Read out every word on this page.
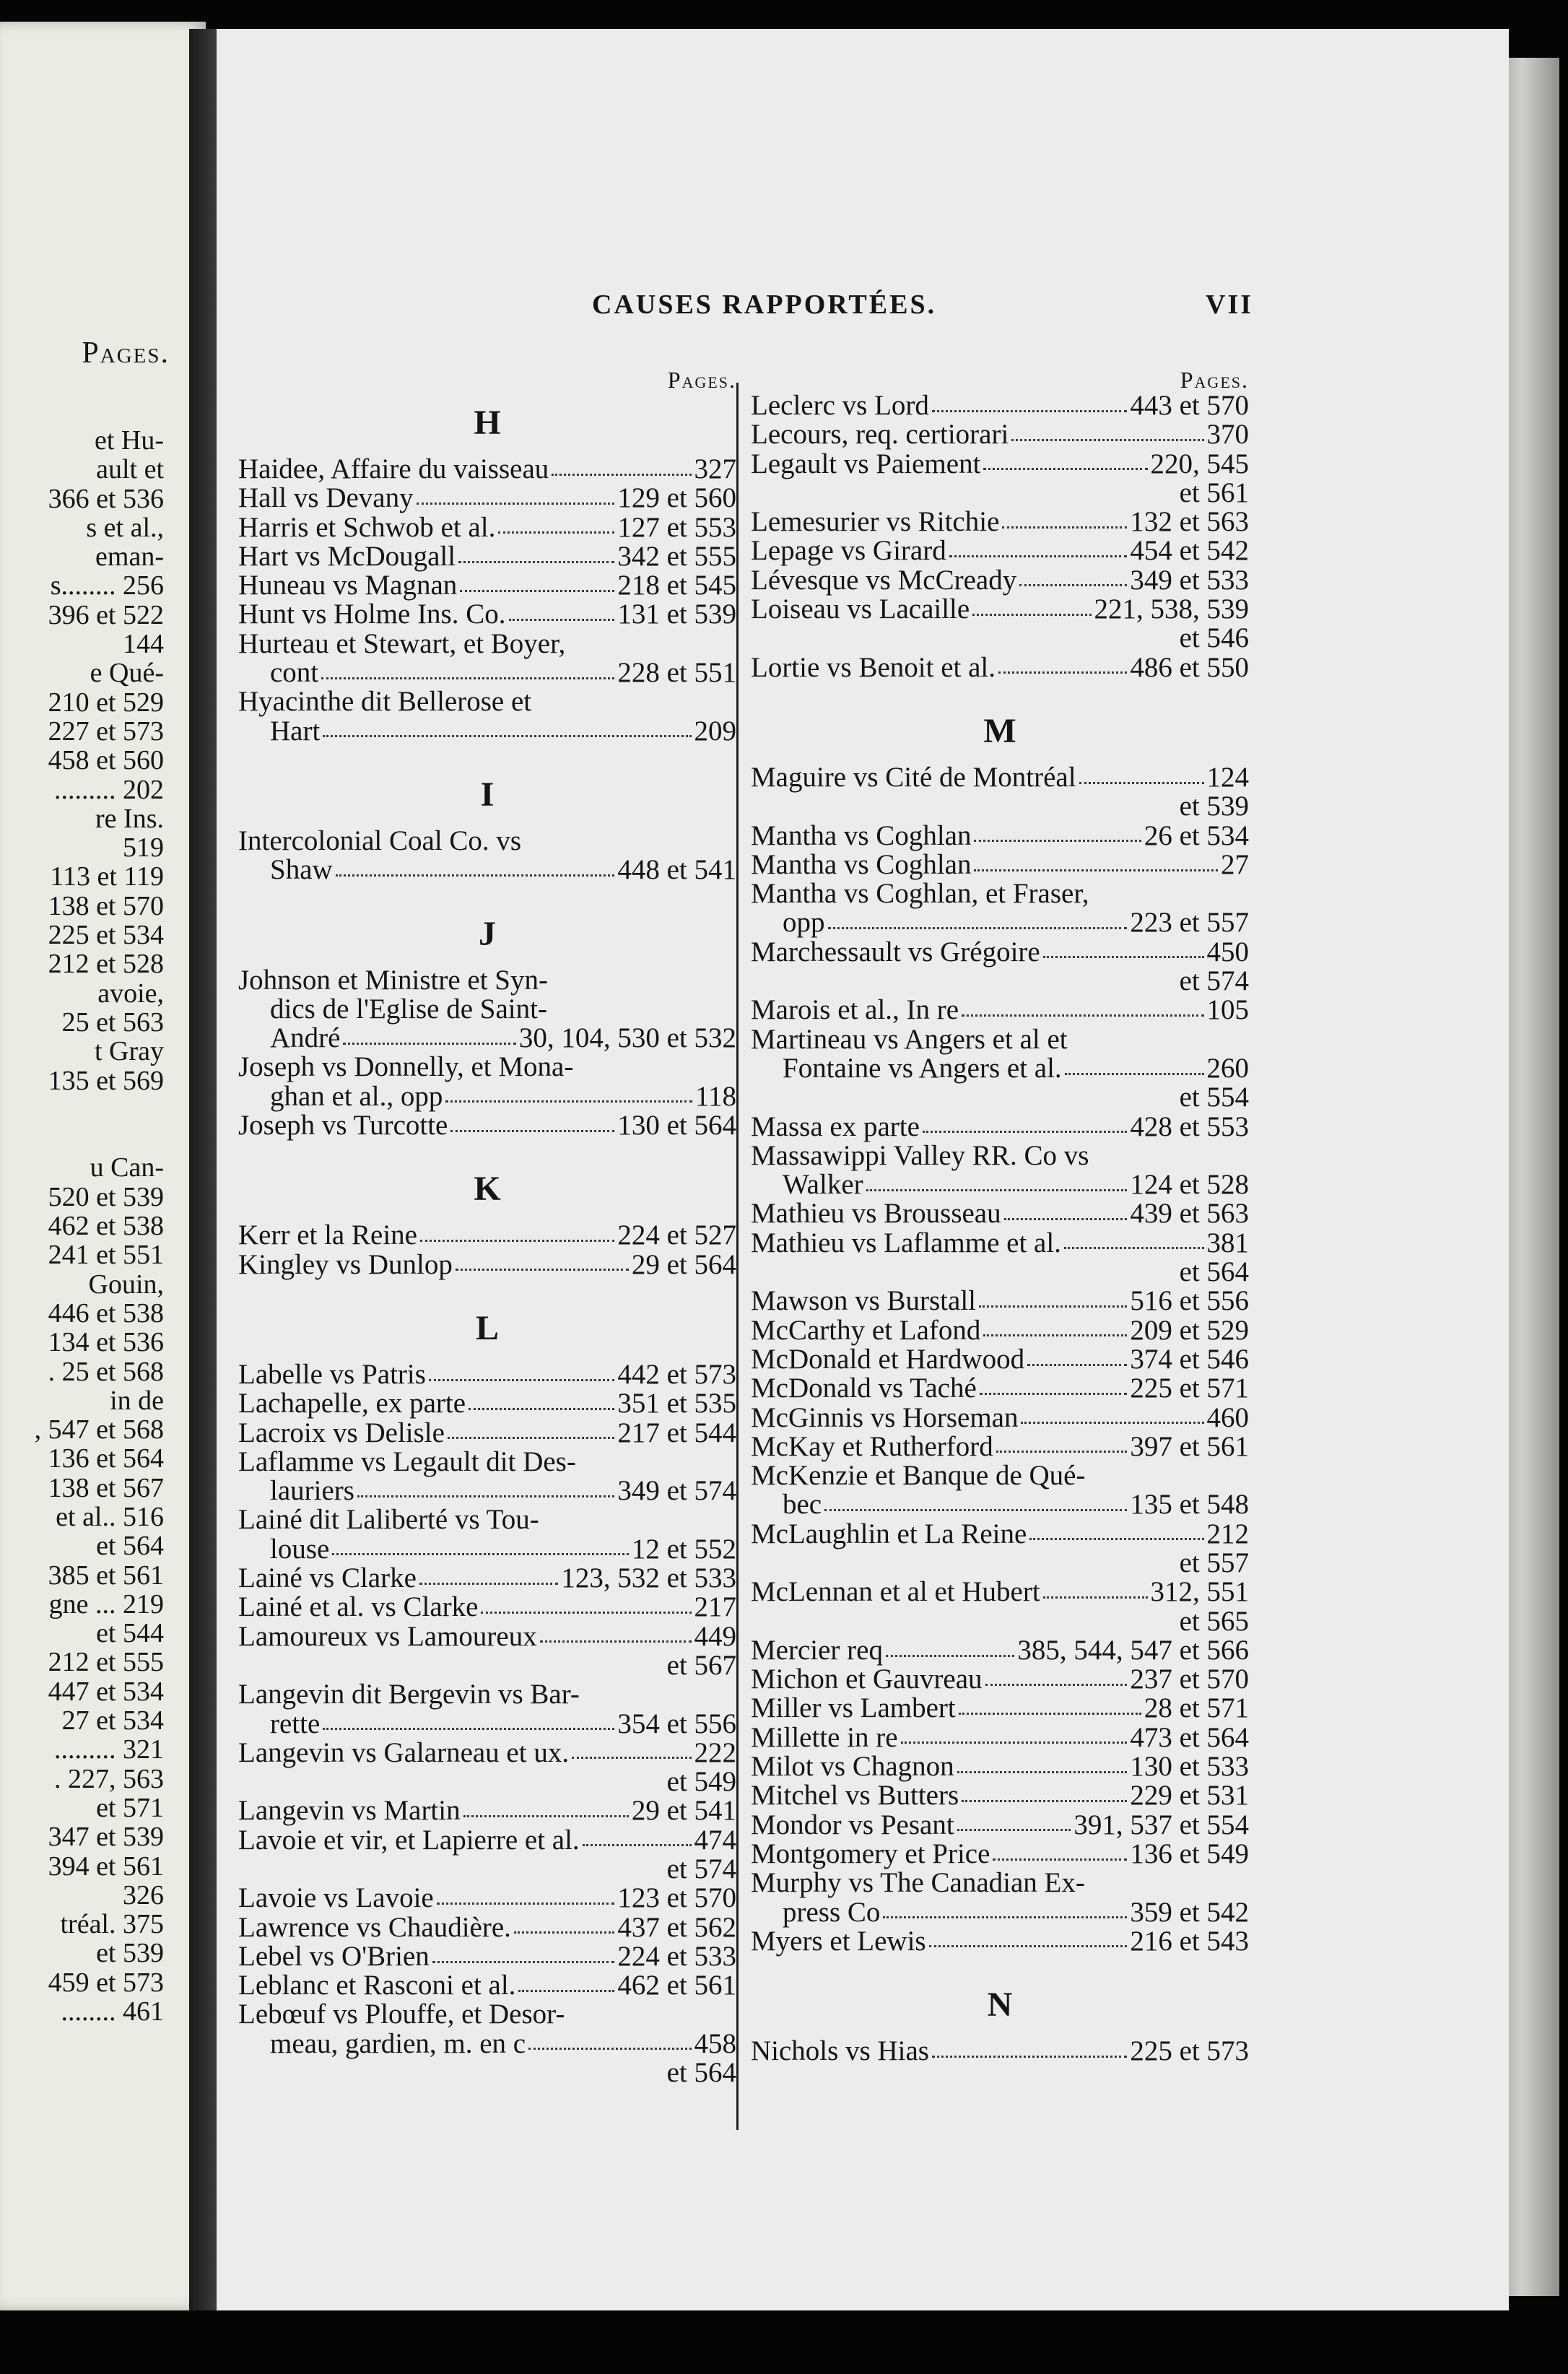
Pages.
et Hu-
ault et
366 et 536
s et al.,
eman-
s........ 256
396 et 522
144
e Qué-
210 et 529
227 et 573
458 et 560
......... 202
re Ins.
519
113 et 119
138 et 570
225 et 534
212 et 528
avoie,
25 et 563
t Gray
135 et 569
u Can-
520 et 539
462 et 538
241 et 551
Gouin,
446 et 538
134 et 536
. 25 et 568
in de
, 547 et 568
136 et 564
138 et 567
et al.. 516
et 564
385 et 561
gne ... 219
et 544
212 et 555
447 et 534
27 et 534
......... 321
. 227, 563
et 571
347 et 539
394 et 561
326
tréal. 375
et 539
459 et 573
........ 461
CAUSES RAPPORTÉES.	VII
Pages.
H
Haidee, Affaire du vaisseau	327
Hall vs Devany	129 et 560
Harris et Schwob et al.	127 et 553
Hart vs McDougall	342 et 555
Huneau vs Magnan	218 et 545
Hunt vs Holme Ins. Co.	131 et 539
Hurteau et Stewart, et Boyer,
cont	228 et 551
Hyacinthe dit Bellerose et
Hart	209
I
Intercolonial Coal Co. vs
Shaw	448 et 541
J
Johnson et Ministre et Syn-
dics de l'Eglise de Saint-
André	30, 104, 530 et 532
Joseph vs Donnelly, et Mona-
ghan et al., opp	118
Joseph vs Turcotte	130 et 564
K
Kerr et la Reine	224 et 527
Kingley vs Dunlop	29 et 564
L
Labelle vs Patris	442 et 573
Lachapelle, ex parte	351 et 535
Lacroix vs Delisle	217 et 544
Laflamme vs Legault dit Des-
lauriers	349 et 574
Lainé dit Laliberté vs Tou-
louse	12 et 552
Lainé vs Clarke	123, 532 et 533
Lainé et al. vs Clarke	217
Lamoureux vs Lamoureux	449
et 567
Langevin dit Bergevin vs Bar-
rette	354 et 556
Langevin vs Galarneau et ux.	222
et 549
Langevin vs Martin	29 et 541
Lavoie et vir, et Lapierre et al.	474
et 574
Lavoie vs Lavoie	123 et 570
Lawrence vs Chaudière.	437 et 562
Lebel vs O'Brien	224 et 533
Leblanc et Rasconi et al.	462 et 561
Lebœuf vs Plouffe, et Desor-
meau, gardien, m. en c	458
et 564
Pages.
Leclerc vs Lord	443 et 570
Lecours, req. certiorari	370
Legault vs Paiement	220, 545
et 561
Lemesurier vs Ritchie	132 et 563
Lepage vs Girard	454 et 542
Lévesque vs McCready	349 et 533
Loiseau vs Lacaille	221, 538, 539
et 546
Lortie vs Benoit et al.	486 et 550
M
Maguire vs Cité de Montréal	124
et 539
Mantha vs Coghlan	26 et 534
Mantha vs Coghlan	27
Mantha vs Coghlan, et Fraser,
opp	223 et 557
Marchessault vs Grégoire	450
et 574
Marois et al., In re	105
Martineau vs Angers et al et
Fontaine vs Angers et al.	260
et 554
Massa ex parte	428 et 553
Massawippi Valley RR. Co vs
Walker	124 et 528
Mathieu vs Brousseau	439 et 563
Mathieu vs Laflamme et al.	381
et 564
Mawson vs Burstall	516 et 556
McCarthy et Lafond	209 et 529
McDonald et Hardwood	374 et 546
McDonald vs Taché	225 et 571
McGinnis vs Horseman	460
McKay et Rutherford	397 et 561
McKenzie et Banque de Qué-
bec	135 et 548
McLaughlin et La Reine	212
et 557
McLennan et al et Hubert	312, 551
et 565
Mercier req	385, 544, 547 et 566
Michon et Gauvreau	237 et 570
Miller vs Lambert	28 et 571
Millette in re	473 et 564
Milot vs Chagnon	130 et 533
Mitchel vs Butters	229 et 531
Mondor vs Pesant	391, 537 et 554
Montgomery et Price	136 et 549
Murphy vs The Canadian Ex-
press Co	359 et 542
Myers et Lewis	216 et 543
N
Nichols vs Hias	225 et 573
